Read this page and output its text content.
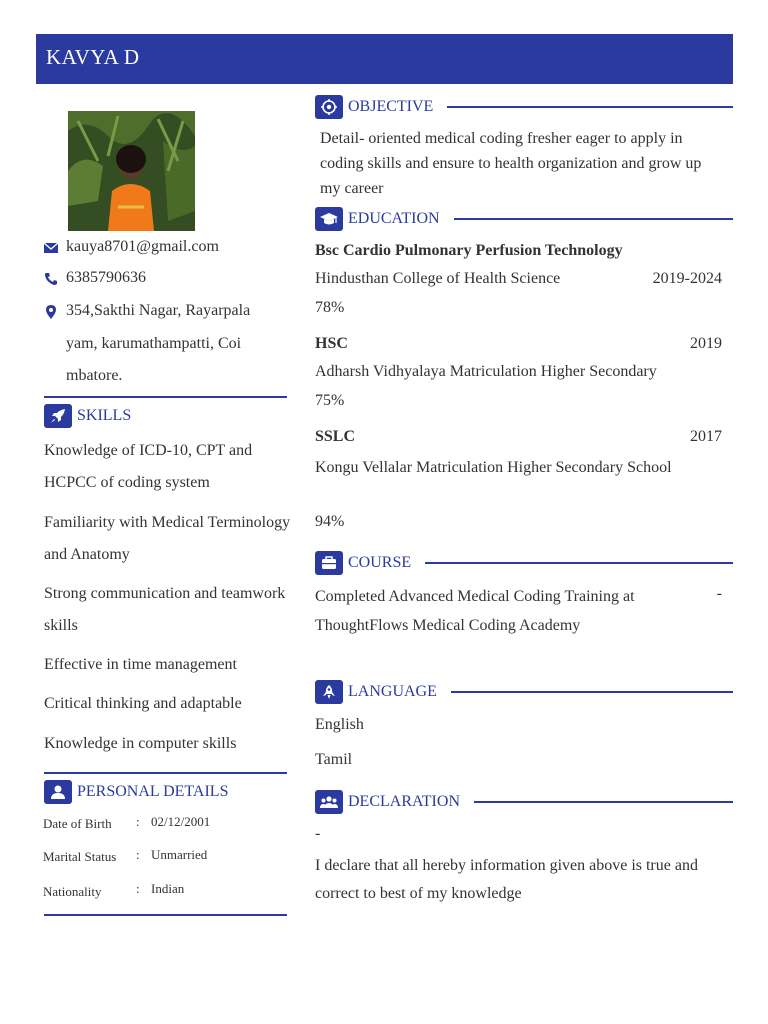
KAVYA D
kauya8701@gmail.com
6385790636
354,Sakthi Nagar, Rayarpala
yam, karumathampatti, Coi
mbatore.
SKILLS
Knowledge of ICD-10, CPT and HCPCC of coding system
Familiarity with Medical Terminology and Anatomy
Strong communication and teamwork skills
Effective in time management
Critical thinking and adaptable
Knowledge in computer skills
PERSONAL DETAILS
Date of Birth : 02/12/2001
Marital Status : Unmarried
Nationality	: Indian
OBJECTIVE
Detail- oriented medical coding fresher eager to apply in coding skills and ensure to health organization and grow up my career
EDUCATION
Bsc Cardio Pulmonary Perfusion Technology
Hindusthan College of Health Science	2019-2024
78%
HSC	2019
Adharsh Vidhyalaya Matriculation Higher Secondary
75%
SSLC	2017
Kongu Vellalar Matriculation Higher Secondary School
94%
COURSE
Completed Advanced Medical Coding Training at ThoughtFlows Medical Coding Academy
-
LANGUAGE
English
Tamil
DECLARATION
-
I declare that all hereby information given above is true and correct to best of my knowledge
